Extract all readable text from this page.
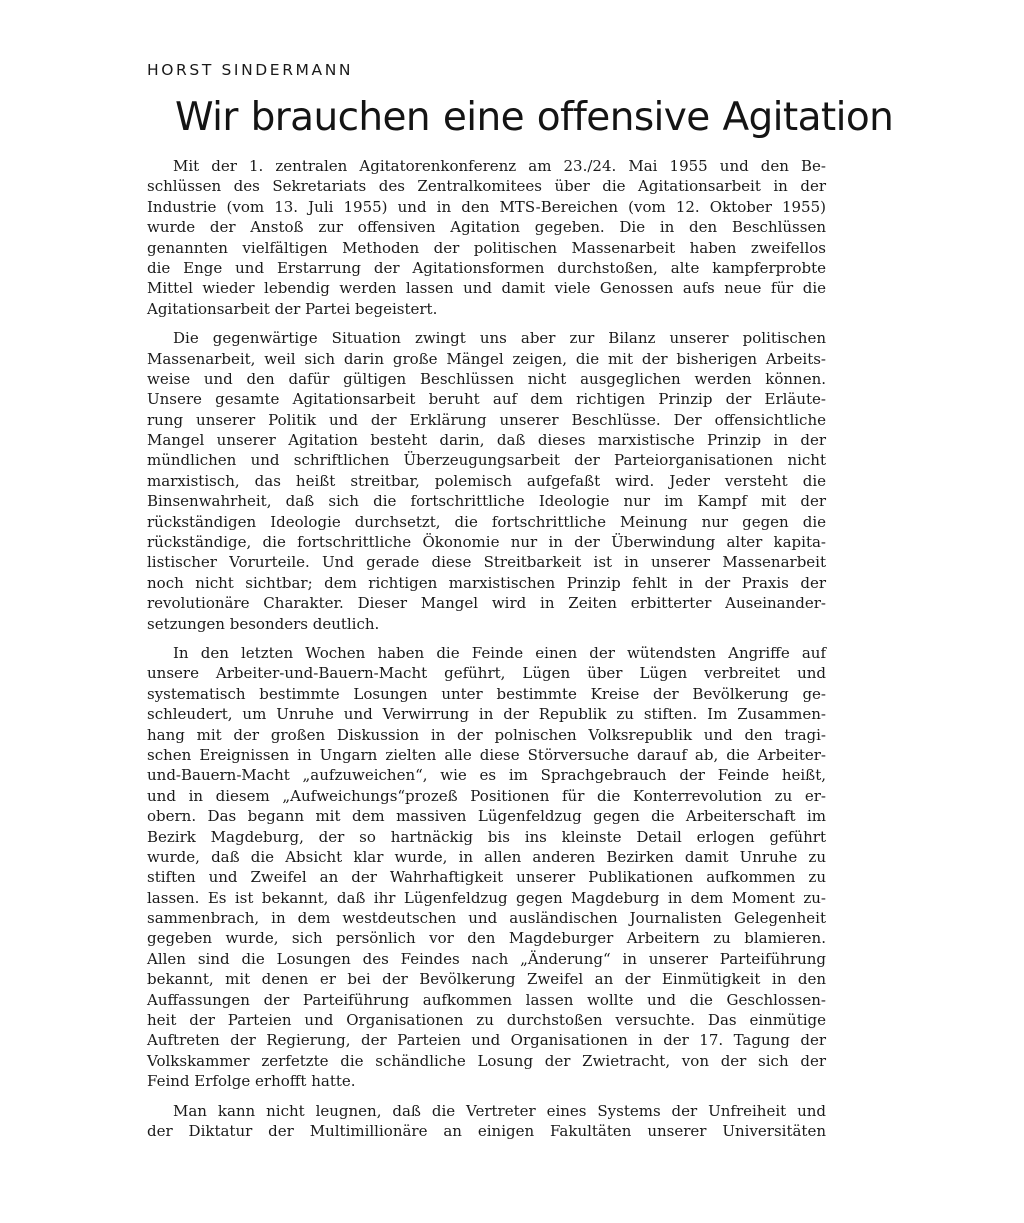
HORST SINDERMANN
Wir brauchen eine offensive Agitation
Mit der 1. zentralen Agitatorenkonferenz am 23./24. Mai 1955 und den Be-
schlüssen des Sekretariats des Zentralkomitees über die Agitationsarbeit in der
Industrie (vom 13. Juli 1955) und in den MTS-Bereichen (vom 12. Oktober 1955)
wurde der Anstoß zur offensiven Agitation gegeben. Die in den Beschlüssen
genannten vielfältigen Methoden der politischen Massenarbeit haben zweifellos
die Enge und Erstarrung der Agitationsformen durchstoßen, alte kampferprobte
Mittel wieder lebendig werden lassen und damit viele Genossen aufs neue für die
Agitationsarbeit der Partei begeistert.
Die gegenwärtige Situation zwingt uns aber zur Bilanz unserer politischen
Massenarbeit, weil sich darin große Mängel zeigen, die mit der bisherigen Arbeits-
weise und den dafür gültigen Beschlüssen nicht ausgeglichen werden können.
Unsere gesamte Agitationsarbeit beruht auf dem richtigen Prinzip der Erläute-
rung unserer Politik und der Erklärung unserer Beschlüsse. Der offensichtliche
Mangel unserer Agitation besteht darin, daß dieses marxistische Prinzip in der
mündlichen und schriftlichen Überzeugungsarbeit der Parteiorganisationen nicht
marxistisch, das heißt streitbar, polemisch aufgefaßt wird. Jeder versteht die
Binsenwahrheit, daß sich die fortschrittliche Ideologie nur im Kampf mit der
rückständigen Ideologie durchsetzt, die fortschrittliche Meinung nur gegen die
rückständige, die fortschrittliche Ökonomie nur in der Überwindung alter kapita-
listischer Vorurteile. Und gerade diese Streitbarkeit ist in unserer Massenarbeit
noch nicht sichtbar; dem richtigen marxistischen Prinzip fehlt in der Praxis der
revolutionäre Charakter. Dieser Mangel wird in Zeiten erbitterter Auseinander-
setzungen besonders deutlich.
In den letzten Wochen haben die Feinde einen der wütendsten Angriffe auf
unsere Arbeiter-und-Bauern-Macht geführt, Lügen über Lügen verbreitet und
systematisch bestimmte Losungen unter bestimmte Kreise der Bevölkerung ge-
schleudert, um Unruhe und Verwirrung in der Republik zu stiften. Im Zusammen-
hang mit der großen Diskussion in der polnischen Volksrepublik und den tragi-
schen Ereignissen in Ungarn zielten alle diese Störversuche darauf ab, die Arbeiter-
und-Bauern-Macht „aufzuweichen“, wie es im Sprachgebrauch der Feinde heißt,
und in diesem „Aufweichungs“prozeß Positionen für die Konterrevolution zu er-
obern. Das begann mit dem massiven Lügenfeldzug gegen die Arbeiterschaft im
Bezirk Magdeburg, der so hartnäckig bis ins kleinste Detail erlogen geführt
wurde, daß die Absicht klar wurde, in allen anderen Bezirken damit Unruhe zu
stiften und Zweifel an der Wahrhaftigkeit unserer Publikationen aufkommen zu
lassen. Es ist bekannt, daß ihr Lügenfeldzug gegen Magdeburg in dem Moment zu-
sammenbrach, in dem westdeutschen und ausländischen Journalisten Gelegenheit
gegeben wurde, sich persönlich vor den Magdeburger Arbeitern zu blamieren.
Allen sind die Losungen des Feindes nach „Änderung“ in unserer Parteiführung
bekannt, mit denen er bei der Bevölkerung Zweifel an der Einmütigkeit in den
Auffassungen der Parteiführung aufkommen lassen wollte und die Geschlossen-
heit der Parteien und Organisationen zu durchstoßen versuchte. Das einmütige
Auftreten der Regierung, der Parteien und Organisationen in der 17. Tagung der
Volkskammer zerfetzte die schändliche Losung der Zwietracht, von der sich der
Feind Erfolge erhofft hatte.
Man kann nicht leugnen, daß die Vertreter eines Systems der Unfreiheit und
der Diktatur der Multimillionäre an einigen Fakultäten unserer Universitäten
